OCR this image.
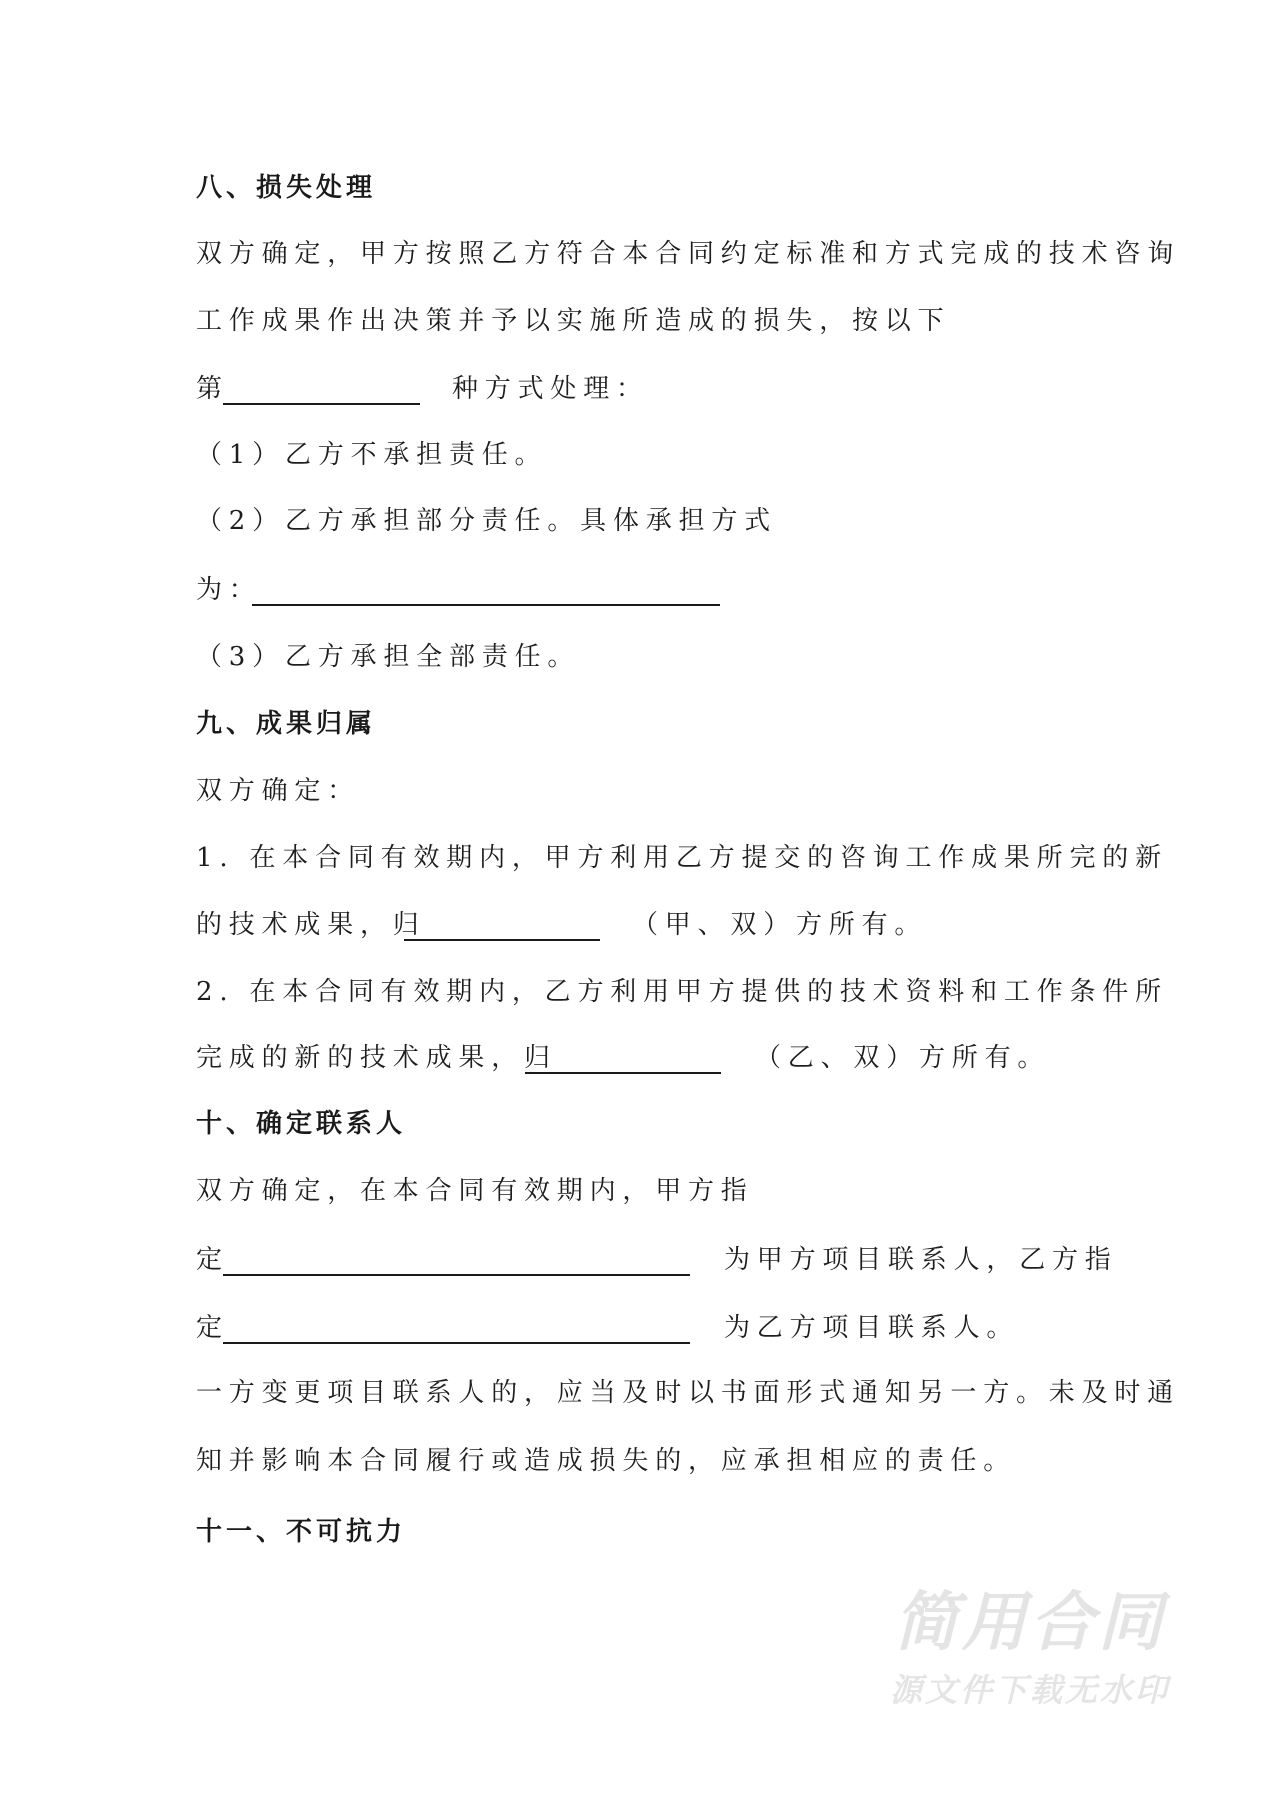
八、损失处理
双方确定，甲方按照乙方符合本合同约定标准和方式完成的技术咨询
工作成果作出决策并予以实施所造成的损失，按以下
第	种方式处理：
（1）乙方不承担责任。
（2）乙方承担部分责任。具体承担方式
为：
（3）乙方承担全部责任。
九、成果归属
双方确定：
1. 在本合同有效期内，甲方利用乙方提交的咨询工作成果所完的新
的技术成果，归	（甲、双）方所有。
2. 在本合同有效期内，乙方利用甲方提供的技术资料和工作条件所
完成的新的技术成果，归	（乙、双）方所有。
十、确定联系人
双方确定，在本合同有效期内，甲方指
定	为甲方项目联系人，乙方指
定	为乙方项目联系人。
一方变更项目联系人的，应当及时以书面形式通知另一方。未及时通
知并影响本合同履行或造成损失的，应承担相应的责任。
十一、不可抗力
简用合同
源文件下载无水印
